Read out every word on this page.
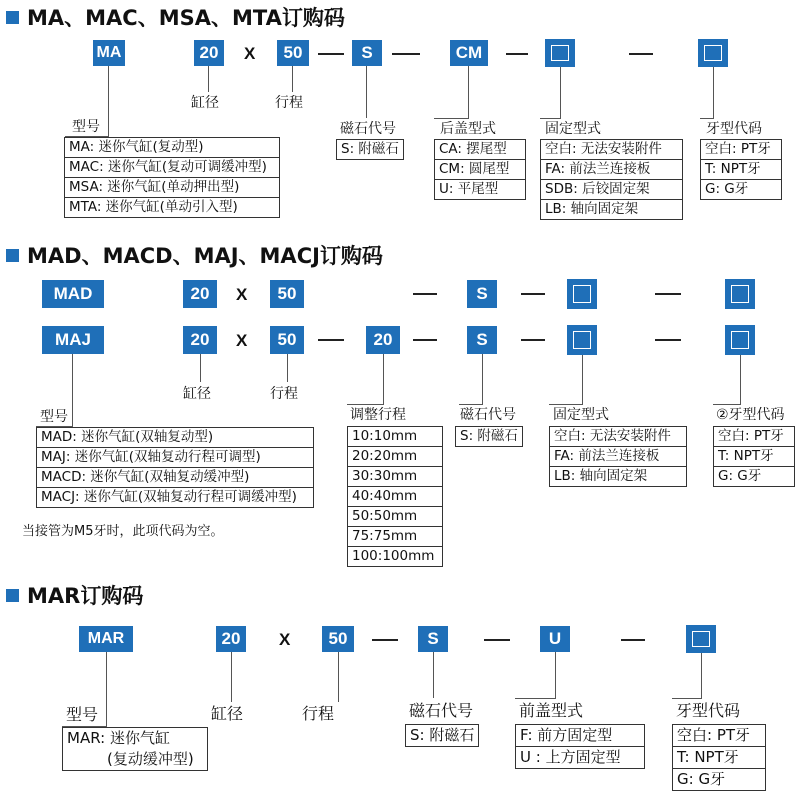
MA、MAC、MSA、MTA订购码
MA	20	X	50	S	CM
缸径	行程
型号
MA: 迷你气缸(复动型)
MAC: 迷你气缸(复动可调缓冲型)
MSA: 迷你气缸(单动押出型)
MTA: 迷你气缸(单动引入型)
磁石代号
S: 附磁石
后盖型式
CA: 摆尾型
CM: 圆尾型
U: 平尾型
固定型式
空白: 无法安装附件
FA: 前法兰连接板
SDB: 后铰固定架
LB: 轴向固定架
牙型代码
空白: PT牙
T: NPT牙
G: G牙
MAD、MACD、MAJ、MACJ订购码
MAD	20	X	50	S
MAJ	20	X	50	20	S
缸径	行程
型号
MAD: 迷你气缸(双轴复动型)
MAJ: 迷你气缸(双轴复动行程可调型)
MACD: 迷你气缸(双轴复动缓冲型)
MACJ: 迷你气缸(双轴复动行程可调缓冲型)
当接管为M5牙时，此项代码为空。
调整行程
10:10mm
20:20mm
30:30mm
40:40mm
50:50mm
75:75mm
100:100mm
磁石代号
S: 附磁石
固定型式
空白: 无法安装附件
FA: 前法兰连接板
LB: 轴向固定架
②牙型代码
空白: PT牙
T: NPT牙
G: G牙
MAR订购码
MAR	20	X	50	S	U
型号
MAR: 迷你气缸
(复动缓冲型)
缸径	行程	磁石代号
S: 附磁石
前盖型式
F: 前方固定型
U : 上方固定型
牙型代码
空白: PT牙
T: NPT牙
G: G牙
